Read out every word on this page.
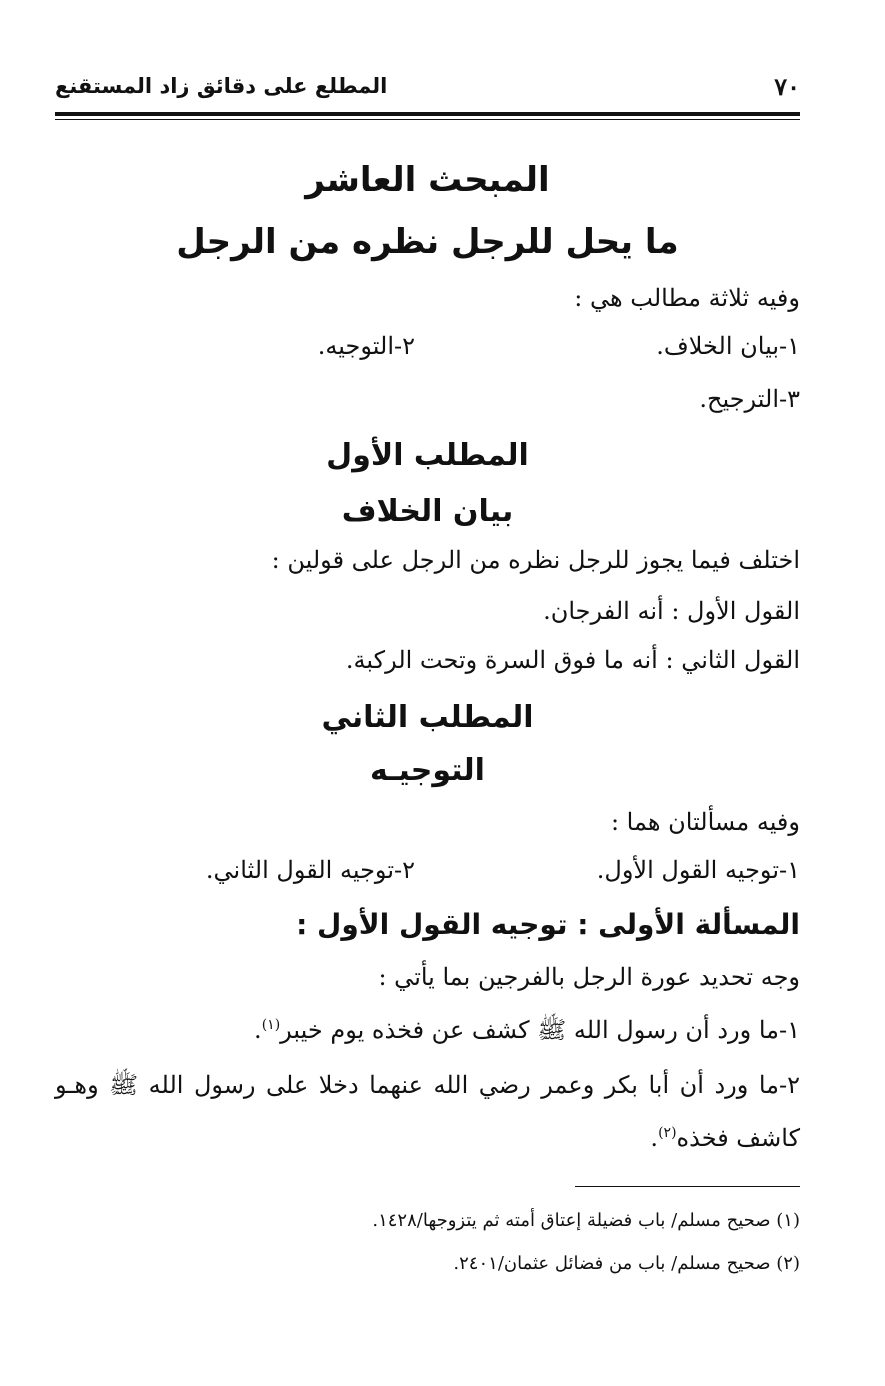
٧٠
المطلع على دقائق زاد المستقنع
المبحث العاشر
ما يحل للرجل نظره من الرجل
وفيه ثلاثة مطالب هي :
١-بيان الخلاف.
٢-التوجيه.
٣-الترجيح.
المطلب الأول
بيان الخلاف
اختلف فيما يجوز للرجل نظره من الرجل على قولين :
القول الأول : أنه الفرجان.
القول الثاني : أنه ما فوق السرة وتحت الركبة.
المطلب الثاني
التوجيـه
وفيه مسألتان هما :
١-توجيه القول الأول.
٢-توجيه القول الثاني.
المسألة الأولى : توجيه القول الأول :
وجه تحديد عورة الرجل بالفرجين بما يأتي :
١-ما ورد أن رسول الله ﷺ كشف عن فخذه يوم خيبر$^{(١)}$.
٢-ما ورد أن أبا بكر وعمر رضي الله عنهما دخلا على رسول الله ﷺ وهـو
كاشف فخذه$^{(٢)}$.
(١) صحيح مسلم/ باب فضيلة إعتاق أمته ثم يتزوجها/١٤٢٨.
(٢) صحيح مسلم/ باب من فضائل عثمان/٢٤٠١.
